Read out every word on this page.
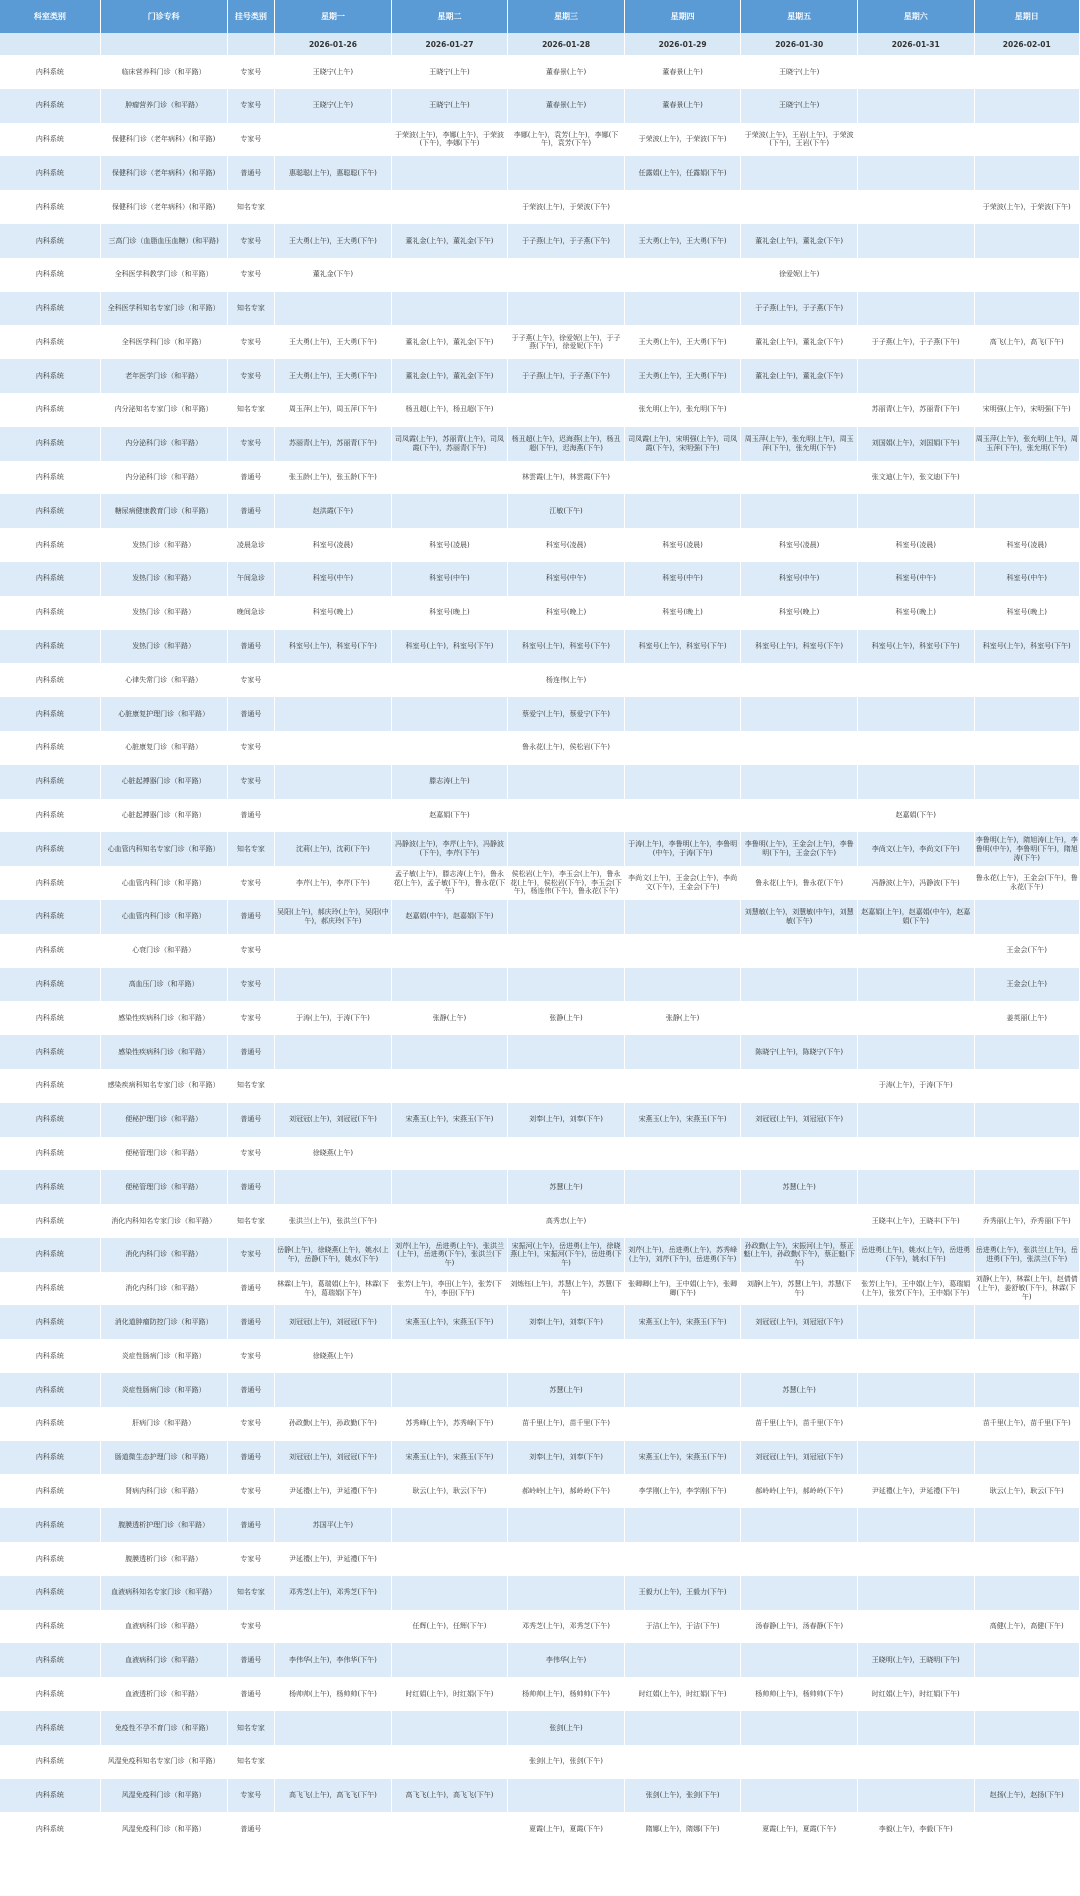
科室类别	门诊专科	挂号类别	星期一	星期二	星期三	星期四	星期五	星期六	星期日
			2026-01-26	2026-01-27	2026-01-28	2026-01-29	2026-01-30	2026-01-31	2026-02-01
内科系统	临床营养科门诊（和平路）	专家号	王晓宁(上午)	王晓宁(上午)	董春景(上午)	董春景(上午)	王晓宁(上午)		
内科系统	肿瘤营养门诊（和平路）	专家号	王晓宁(上午)	王晓宁(上午)	董春景(上午)	董春景(上午)	王晓宁(上午)		
内科系统	保健科门诊（老年病科）(和平路)	专家号		于荣波(上午)，李娜(上午)，于荣波(下午)，李娜(下午)	李娜(上午)，袁芳(上午)，李娜(下午)，袁芳(下午)	于荣波(上午)，于荣波(下午)	于荣波(上午)，王岩(上午)，于荣波(下午)，王岩(下午)		
内科系统	保健科门诊（老年病科）(和平路)	普通号	惠聪聪(上午)，惠聪聪(下午)			任露娟(上午)，任露娟(下午)			
内科系统	保健科门诊（老年病科）(和平路)	知名专家			于荣波(上午)，于荣波(下午)				于荣波(上午)，于荣波(下午)
内科系统	三高门诊（血脂血压血糖）(和平路)	专家号	王大勇(上午)，王大勇(下午)	董礼金(上午)，董礼金(下午)	于子燕(上午)，于子燕(下午)	王大勇(上午)，王大勇(下午)	董礼金(上午)，董礼金(下午)		
内科系统	全科医学科教学门诊（和平路）	专家号	董礼金(下午)				徐爱妮(上午)		
内科系统	全科医学科知名专家门诊（和平路）	知名专家					于子燕(上午)，于子燕(下午)		
内科系统	全科医学科门诊（和平路）	专家号	王大勇(上午)，王大勇(下午)	董礼金(上午)，董礼金(下午)	于子燕(上午)，徐爱妮(上午)，于子燕(下午)，徐爱妮(下午)	王大勇(上午)，王大勇(下午)	董礼金(上午)，董礼金(下午)	于子燕(上午)，于子燕(下午)	高飞(上午)，高飞(下午)
内科系统	老年医学门诊（和平路）	专家号	王大勇(上午)，王大勇(下午)	董礼金(上午)，董礼金(下午)	于子燕(上午)，于子燕(下午)	王大勇(上午)，王大勇(下午)	董礼金(上午)，董礼金(下午)		
内科系统	内分泌知名专家门诊（和平路）	知名专家	周玉萍(上午)，周玉萍(下午)	杨丑超(上午)，杨丑超(下午)		张允明(上午)，张允明(下午)		苏丽青(上午)，苏丽青(下午)	宋明强(上午)，宋明强(下午)
内科系统	内分泌科门诊（和平路）	专家号	苏丽青(上午)，苏丽青(下午)	司凤霞(上午)，苏丽青(上午)，司凤霞(下午)，苏丽青(下午)	杨丑超(上午)，迟海燕(上午)，杨丑超(下午)，迟海燕(下午)	司凤霞(上午)，宋明强(上午)，司凤霞(下午)，宋明强(下午)	周玉萍(上午)，张允明(上午)，周玉萍(下午)，张允明(下午)	刘国娟(上午)，刘国娟(下午)	周玉萍(上午)，张允明(上午)，周玉萍(下午)，张允明(下午)
内科系统	内分泌科门诊（和平路）	普通号	张玉龄(上午)，张玉龄(下午)		林雲霞(上午)，林雲霞(下午)			张文迪(上午)，张文迪(下午)	
内科系统	糖尿病健康教育门诊（和平路）	普通号	赵洪霞(下午)		江敏(下午)				
内科系统	发热门诊（和平路）	凌晨急诊	科室号(凌晨)	科室号(凌晨)	科室号(凌晨)	科室号(凌晨)	科室号(凌晨)	科室号(凌晨)	科室号(凌晨)
内科系统	发热门诊（和平路）	午间急诊	科室号(中午)	科室号(中午)	科室号(中午)	科室号(中午)	科室号(中午)	科室号(中午)	科室号(中午)
内科系统	发热门诊（和平路）	晚间急诊	科室号(晚上)	科室号(晚上)	科室号(晚上)	科室号(晚上)	科室号(晚上)	科室号(晚上)	科室号(晚上)
内科系统	发热门诊（和平路）	普通号	科室号(上午)，科室号(下午)	科室号(上午)，科室号(下午)	科室号(上午)，科室号(下午)	科室号(上午)，科室号(下午)	科室号(上午)，科室号(下午)	科室号(上午)，科室号(下午)	科室号(上午)，科室号(下午)
内科系统	心律失常门诊（和平路）	专家号			杨连伟(上午)				
内科系统	心脏康复护理门诊（和平路）	普通号			蔡爱宁(上午)，蔡爱宁(下午)				
内科系统	心脏康复门诊（和平路）	专家号			鲁永花(上午)，侯松岩(下午)				
内科系统	心脏起搏器门诊（和平路）	专家号		滕志涛(上午)					
内科系统	心脏起搏器门诊（和平路）	普通号		赵嘉娟(下午)				赵嘉娟(下午)	
内科系统	心血管内科知名专家门诊（和平路）	知名专家	沈莉(上午)，沈莉(下午)	冯静波(上午)，李芹(上午)，冯静波(下午)，李芹(下午)		于涛(上午)，李鲁明(上午)，李鲁明(中午)，于涛(下午)	李鲁明(上午)，王金会(上午)，李鲁明(下午)，王金会(下午)	李尚文(上午)，李尚文(下午)	李鲁明(上午)，隋旭涛(上午)，李鲁明(中午)，李鲁明(下午)，隋旭涛(下午)
内科系统	心血管内科门诊（和平路）	专家号	李芹(上午)，李芹(下午)	孟子敏(上午)，滕志涛(上午)，鲁永花(上午)，孟子敏(下午)，鲁永花(下午)	侯松岩(上午)，李玉会(上午)，鲁永花(上午)，侯松岩(下午)，李玉会(下午)，杨连伟(下午)，鲁永花(下午)	李尚文(上午)，王金会(上午)，李尚文(下午)，王金会(下午)	鲁永花(上午)，鲁永花(下午)	冯静波(上午)，冯静波(下午)	鲁永花(上午)，王金会(下午)，鲁永花(下午)
内科系统	心血管内科门诊（和平路）	普通号	吴阳(上午)，郝庆玲(上午)，吴阳(中午)，郝庆玲(下午)	赵嘉娟(中午)，赵嘉娟(下午)			刘慧敏(上午)，刘慧敏(中午)，刘慧敏(下午)	赵嘉娟(上午)，赵嘉娟(中午)，赵嘉娟(下午)	
内科系统	心衰门诊（和平路）	专家号							王金会(下午)
内科系统	高血压门诊（和平路）	专家号							王金会(上午)
内科系统	感染性疾病科门诊（和平路）	专家号	于涛(上午)，于涛(下午)	张静(上午)	张静(上午)	张静(上午)			姜英丽(上午)
内科系统	感染性疾病科门诊（和平路）	普通号					陈晓宁(上午)，陈晓宁(下午)		
内科系统	感染疾病科知名专家门诊（和平路）	知名专家						于涛(上午)，于涛(下午)	
内科系统	便秘护理门诊（和平路）	普通号	刘冠冠(上午)，刘冠冠(下午)	宋燕玉(上午)，宋燕玉(下午)	刘奉(上午)，刘奉(下午)	宋燕玉(上午)，宋燕玉(下午)	刘冠冠(上午)，刘冠冠(下午)		
内科系统	便秘管理门诊（和平路）	专家号	徐晓燕(上午)						
内科系统	便秘管理门诊（和平路）	普通号			苏慧(上午)		苏慧(上午)		
内科系统	消化内科知名专家门诊（和平路）	知名专家	张洪兰(上午)，张洪兰(下午)		高秀忠(上午)			王晓丰(上午)，王晓丰(下午)	乔秀丽(上午)，乔秀丽(下午)
内科系统	消化内科门诊（和平路）	专家号	岳静(上午)，徐晓燕(上午)，姚水(上午)，岳静(下午)，姚水(下午)	刘芹(上午)，岳进勇(上午)，张洪兰(上午)，岳进勇(下午)，张洪兰(下午)	宋振河(上午)，岳进勇(上午)，徐晓燕(上午)，宋振河(下午)，岳进勇(下午)	刘芹(上午)，岳进勇(上午)，苏秀峰(上午)，刘芹(下午)，岳进勇(下午)	孙政勤(上午)，宋振河(上午)，蔡正魁(上午)，孙政勤(下午)，蔡正魁(下午)	岳进勇(上午)，姚水(上午)，岳进勇(下午)，姚水(下午)	岳进勇(上午)，张洪兰(上午)，岳进勇(下午)，张洪兰(下午)
内科系统	消化内科门诊（和平路）	普通号	林霖(上午)，葛瑞娟(上午)，林霖(下午)，葛瑞娟(下午)	张芳(上午)，李田(上午)，张芳(下午)，李田(下午)	刘炼钰(上午)，苏慧(上午)，苏慧(下午)	张卿卿(上午)，王中娟(上午)，张卿卿(下午)	刘静(上午)，苏慧(上午)，苏慧(下午)	张芳(上午)，王中娟(上午)，葛瑞娟(上午)，张芳(下午)，王中娟(下午)	刘静(上午)，林霖(上午)，赵倩倩(上午)，姜舒敏(下午)，林霖(下午)
内科系统	消化道肿瘤防控门诊（和平路）	普通号	刘冠冠(上午)，刘冠冠(下午)	宋燕玉(上午)，宋燕玉(下午)	刘奉(上午)，刘奉(下午)	宋燕玉(上午)，宋燕玉(下午)	刘冠冠(上午)，刘冠冠(下午)		
内科系统	炎症性肠病门诊（和平路）	专家号	徐晓燕(上午)						
内科系统	炎症性肠病门诊（和平路）	普通号			苏慧(上午)		苏慧(上午)		
内科系统	肝病门诊（和平路）	专家号	孙政勤(上午)，孙政勤(下午)	苏秀峰(上午)，苏秀峰(下午)	苗千里(上午)，苗千里(下午)		苗千里(上午)，苗千里(下午)		苗千里(上午)，苗千里(下午)
内科系统	肠道微生态护理门诊（和平路）	普通号	刘冠冠(上午)，刘冠冠(下午)	宋燕玉(上午)，宋燕玉(下午)	刘奉(上午)，刘奉(下午)	宋燕玉(上午)，宋燕玉(下午)	刘冠冠(上午)，刘冠冠(下午)		
内科系统	肾病内科门诊（和平路）	专家号	尹延禮(上午)，尹延禮(下午)	耿云(上午)，耿云(下午)	郝岭岭(上午)，郝岭岭(下午)	李学刚(上午)，李学刚(下午)	郝岭岭(上午)，郝岭岭(下午)	尹延禮(上午)，尹延禮(下午)	耿云(上午)，耿云(下午)
内科系统	腹膜透析护理门诊（和平路）	普通号	苏国平(上午)						
内科系统	腹膜透析门诊（和平路）	专家号	尹延禮(上午)，尹延禮(下午)						
内科系统	血液病科知名专家门诊（和平路）	知名专家	邓秀芝(上午)，邓秀芝(下午)			王毅力(上午)，王毅力(下午)			
内科系统	血液病科门诊（和平路）	专家号		任辉(上午)，任辉(下午)	邓秀芝(上午)，邓秀芝(下午)	于洁(上午)，于洁(下午)	汤春静(上午)，汤春静(下午)		高健(上午)，高健(下午)
内科系统	血液病科门诊（和平路）	普通号	李伟华(上午)，李伟华(下午)		李伟华(上午)			王晓明(上午)，王晓明(下午)	
内科系统	血液透析门诊（和平路）	普通号	杨帅帅(上午)，杨帅帅(下午)	时红娟(上午)，时红娟(下午)	杨帅帅(上午)，杨帅帅(下午)	时红娟(上午)，时红娟(下午)	杨帅帅(上午)，杨帅帅(下午)	时红娟(上午)，时红娟(下午)	
内科系统	免疫性不孕不育门诊（和平路）	知名专家			张剑(上午)				
内科系统	风湿免疫科知名专家门诊（和平路）	知名专家			张剑(上午)，张剑(下午)				
内科系统	风湿免疫科门诊（和平路）	专家号	高飞飞(上午)，高飞飞(下午)	高飞飞(上午)，高飞飞(下午)		张剑(上午)，张剑(下午)			赵扬(上午)，赵扬(下午)
内科系统	风湿免疫科门诊（和平路）	普通号			夏霞(上午)，夏霞(下午)	隋娜(上午)，隋娜(下午)	夏霞(上午)，夏霞(下午)	李毅(上午)，李毅(下午)	
